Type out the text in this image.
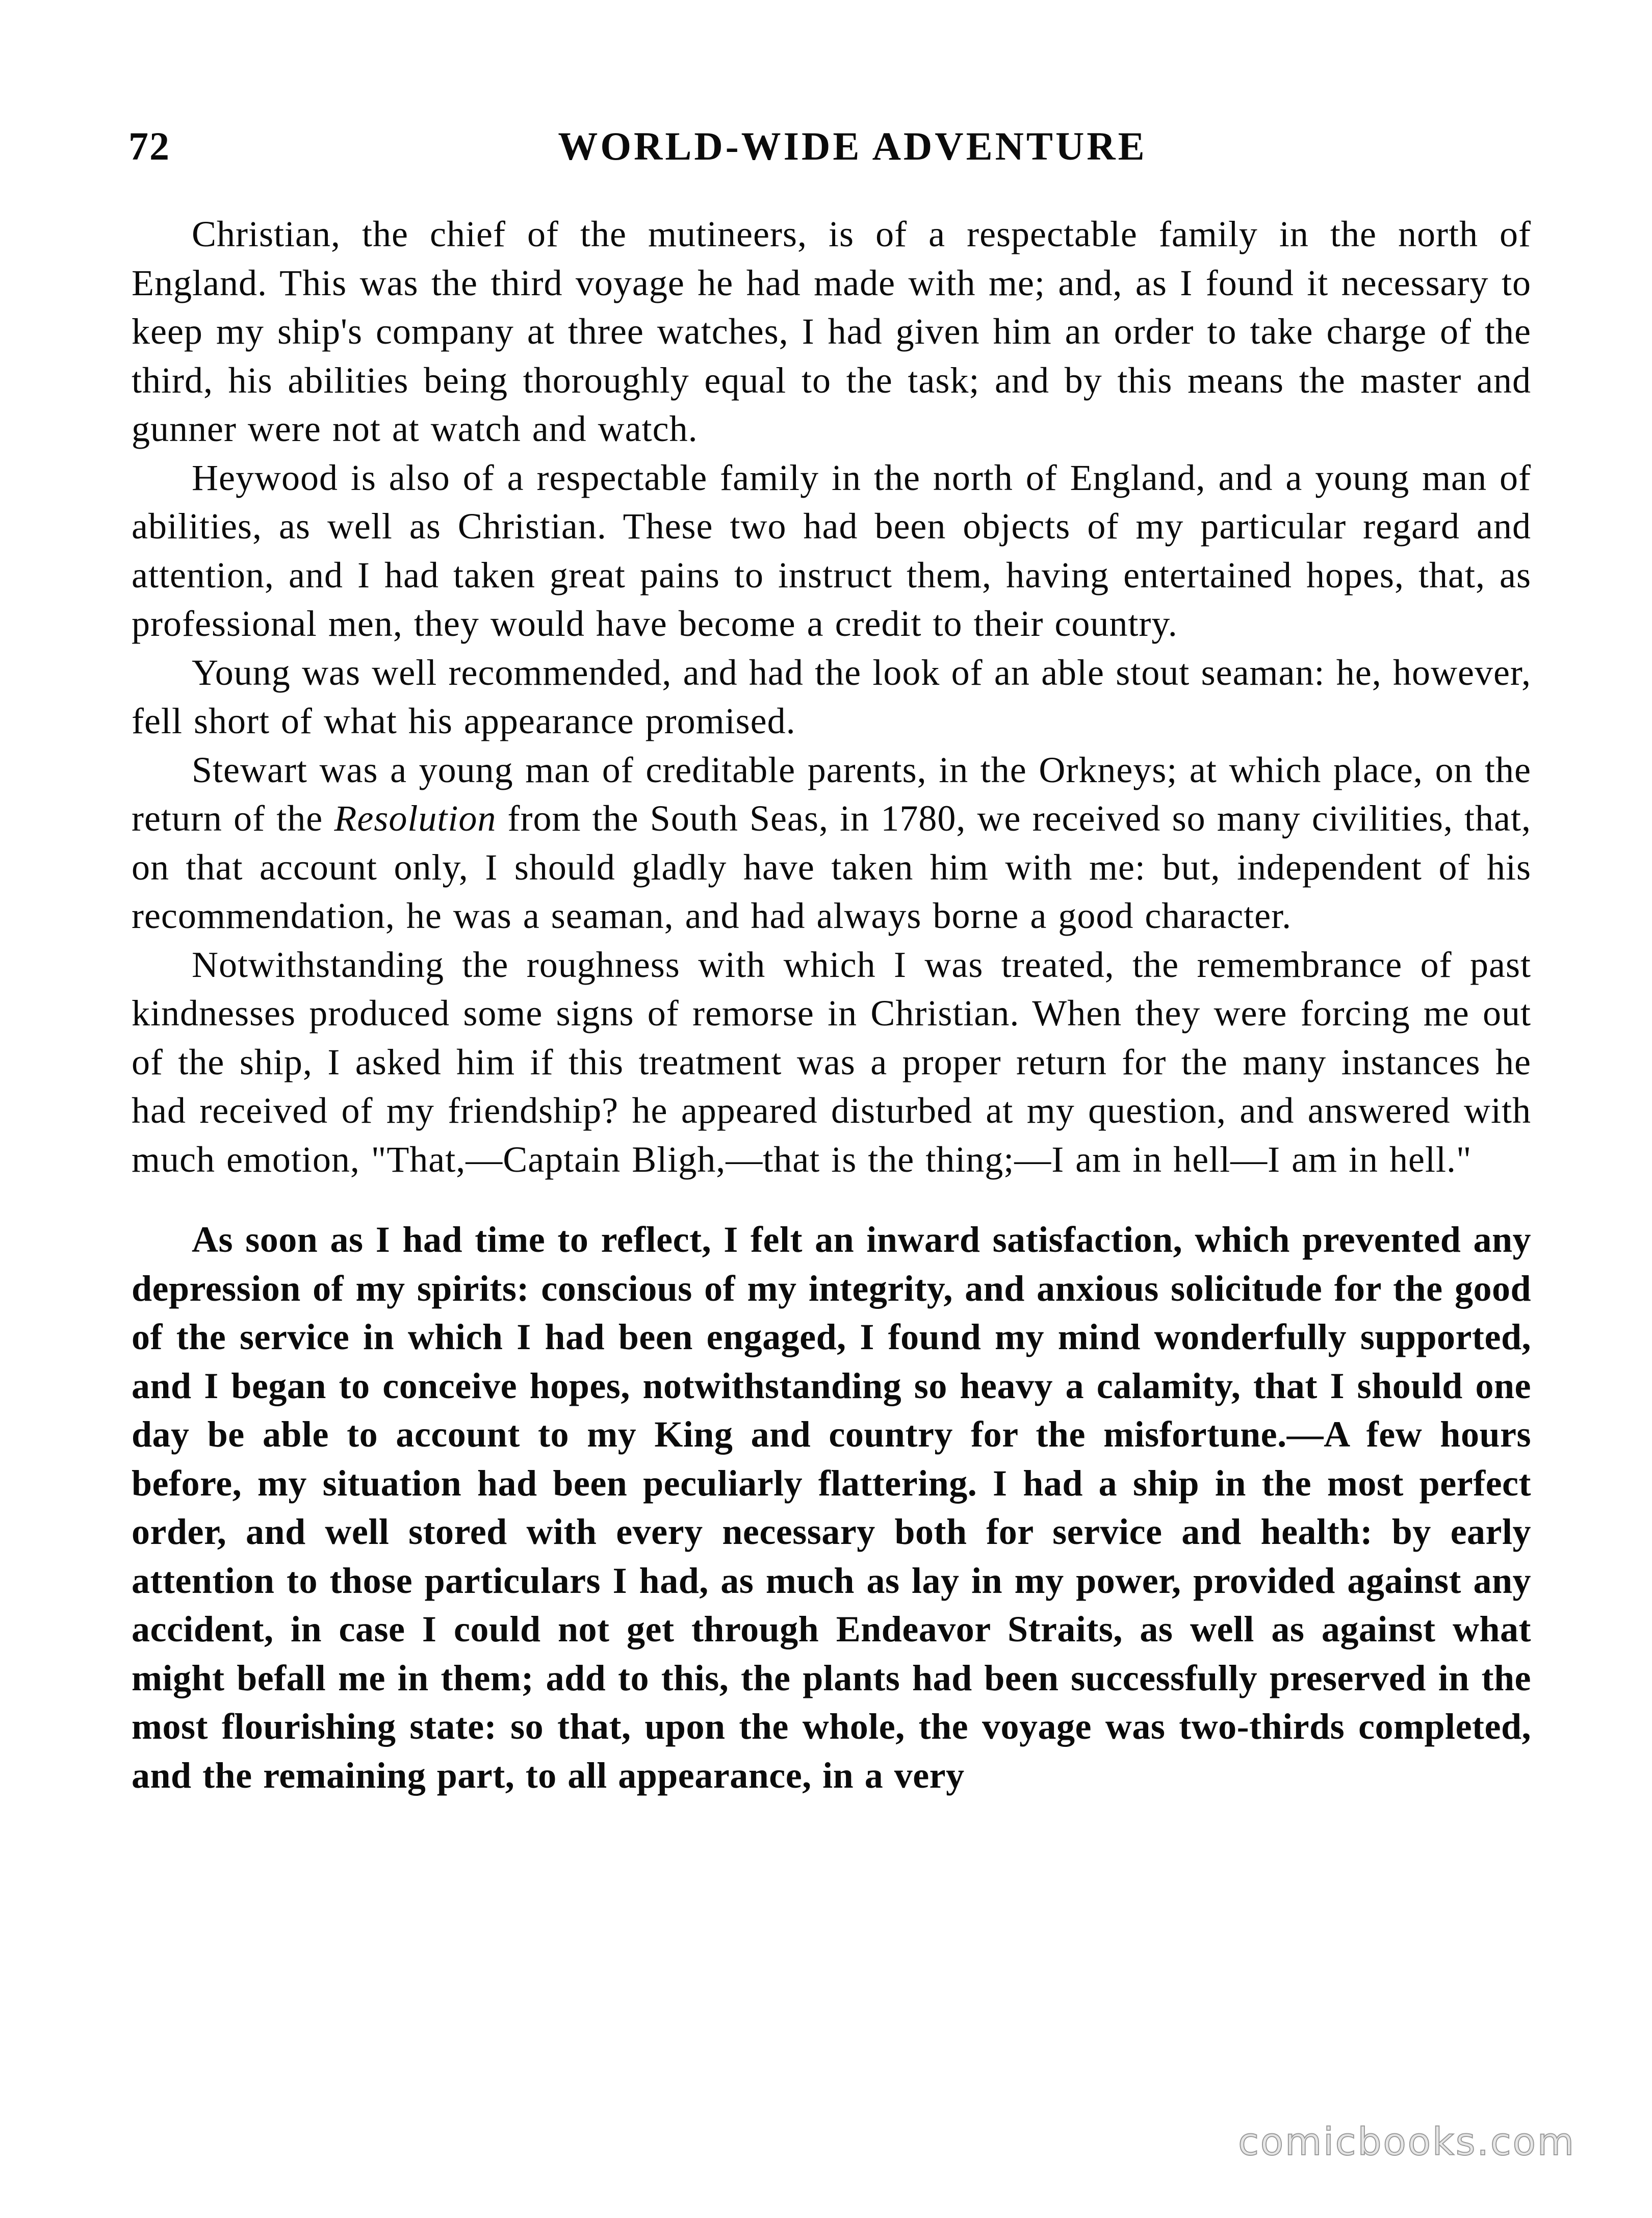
72	WORLD-WIDE ADVENTURE

Christian, the chief of the mutineers, is of a respectable family in the north of England. This was the third voyage he had made with me; and, as I found it necessary to keep my ship's company at three watches, I had given him an order to take charge of the third, his abilities being thoroughly equal to the task; and by this means the master and gunner were not at watch and watch.

Heywood is also of a respectable family in the north of England, and a young man of abilities, as well as Christian. These two had been objects of my particular regard and attention, and I had taken great pains to instruct them, having entertained hopes, that, as professional men, they would have become a credit to their country.

Young was well recommended, and had the look of an able stout seaman: he, however, fell short of what his appearance promised.

Stewart was a young man of creditable parents, in the Orkneys; at which place, on the return of the Resolution from the South Seas, in 1780, we received so many civilities, that, on that account only, I should gladly have taken him with me: but, independent of his recommendation, he was a seaman, and had always borne a good character.

Notwithstanding the roughness with which I was treated, the remembrance of past kindnesses produced some signs of remorse in Christian. When they were forcing me out of the ship, I asked him if this treatment was a proper return for the many instances he had received of my friendship? he appeared disturbed at my question, and answered with much emotion, "That,—Captain Bligh,—that is the thing;—I am in hell—I am in hell."

As soon as I had time to reflect, I felt an inward satisfaction, which prevented any depression of my spirits: conscious of my integrity, and anxious solicitude for the good of the service in which I had been engaged, I found my mind wonderfully supported, and I began to conceive hopes, notwithstanding so heavy a calamity, that I should one day be able to account to my King and country for the misfortune.—A few hours before, my situation had been peculiarly flattering. I had a ship in the most perfect order, and well stored with every necessary both for service and health: by early attention to those particulars I had, as much as lay in my power, provided against any accident, in case I could not get through Endeavor Straits, as well as against what might befall me in them; add to this, the plants had been successfully preserved in the most flourishing state: so that, upon the whole, the voyage was two-thirds completed, and the remaining part, to all appearance, in a very

comicbooks.com
